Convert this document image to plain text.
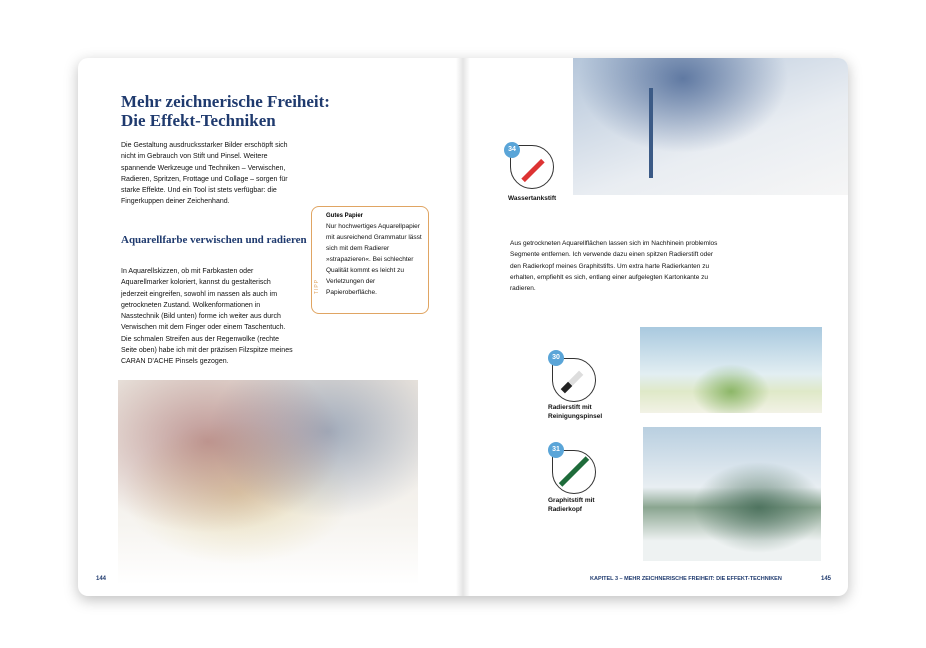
Mehr zeichnerische Freiheit:
Die Effekt-Techniken
Die Gestaltung ausdrucksstarker Bilder erschöpft sich nicht im Gebrauch von Stift und Pinsel. Weitere spannende Werkzeuge und Techniken – Verwischen, Radieren, Spritzen, Frottage und Collage – sorgen für starke Effekte. Und ein Tool ist stets verfügbar: die Fingerkuppen deiner Zeichenhand.
Aquarellfarbe verwischen und radieren
In Aquarellskizzen, ob mit Farbkasten oder Aquarellmarker koloriert, kannst du gestalterisch jederzeit eingreifen, sowohl im nassen als auch im getrockneten Zustand. Wolkenformationen in Nasstechnik (Bild unten) forme ich weiter aus durch Verwischen mit dem Finger oder einem Taschentuch. Die schmalen Streifen aus der Regenwolke (rechte Seite oben) habe ich mit der präzisen Filzspitze meines CARAN D'ACHE Pinsels gezogen.
TIPP
Gutes Papier
Nur hochwertiges Aquarellpapier mit ausreichend Grammatur lässt sich mit dem Radierer »strapazieren«. Bei schlechter Qualität kommt es leicht zu Verletzungen der Papieroberfläche.
144
34
Wassertankstift
Aus getrockneten Aquarellflächen lassen sich im Nachhinein problemlos Segmente entfernen. Ich verwende dazu einen spitzen Radierstift oder den Radierkopf meines Graphitstifts. Um extra harte Radierkanten zu erhalten, empfiehlt es sich, entlang einer aufgelegten Kartonkante zu radieren.
30
Radierstift mit Reinigungspinsel
31
Graphitstift mit Radierkopf
KAPITEL 3 – MEHR ZEICHNERISCHE FREIHEIT: DIE EFFEKT-TECHNIKEN	145
